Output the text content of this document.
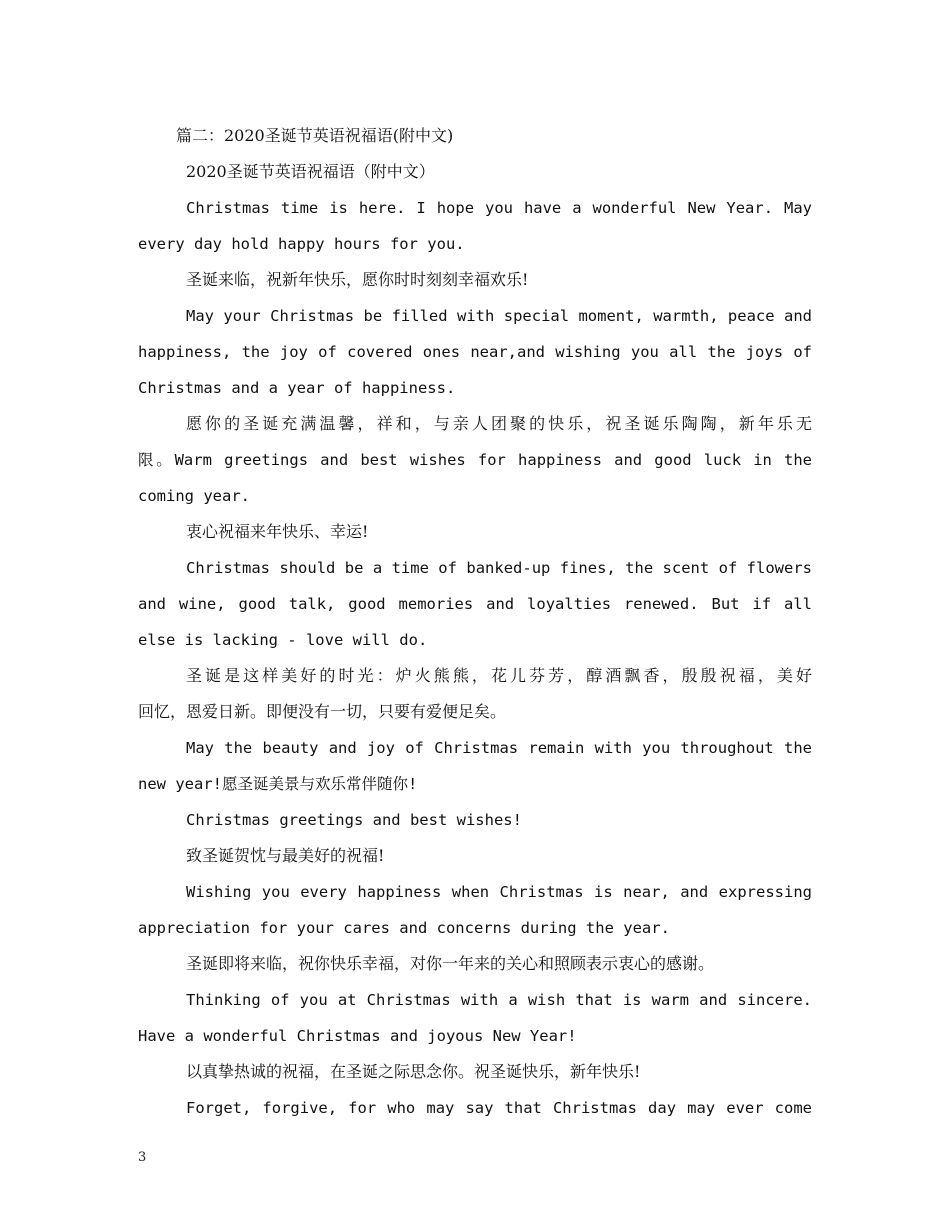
篇二：2020圣诞节英语祝福语(附中文)
2020圣诞节英语祝福语（附中文）
Christmas time is here. I hope you have a wonderful New Year. May
every day hold happy hours for you.
圣诞来临，祝新年快乐，愿你时时刻刻幸福欢乐!
May your Christmas be filled with special moment, warmth, peace and
happiness, the joy of covered ones near,and wishing you all the joys of
Christmas and a year of happiness.
愿你的圣诞充满温馨，祥和，与亲人团聚的快乐，祝圣诞乐陶陶，新年乐无
限。Warm greetings and best wishes for happiness and good luck in the
coming year.
衷心祝福来年快乐、幸运!
Christmas should be a time of banked-up fines, the scent of flowers
and wine, good talk, good memories and loyalties renewed. But if all
else is lacking - love will do.
圣诞是这样美好的时光：炉火熊熊，花儿芬芳，醇酒飘香，殷殷祝福，美好
回忆，恩爱日新。即便没有一切，只要有爱便足矣。
May the beauty and joy of Christmas remain with you throughout the
new year!愿圣诞美景与欢乐常伴随你!
Christmas greetings and best wishes!
致圣诞贺忱与最美好的祝福!
Wishing you every happiness when Christmas is near, and expressing
appreciation for your cares and concerns during the year.
圣诞即将来临，祝你快乐幸福，对你一年来的关心和照顾表示衷心的感谢。
Thinking of you at Christmas with a wish that is warm and sincere.
Have a wonderful Christmas and joyous New Year!
以真挚热诚的祝福，在圣诞之际思念你。祝圣诞快乐，新年快乐!
Forget, forgive, for who may say that Christmas day may ever come
3
